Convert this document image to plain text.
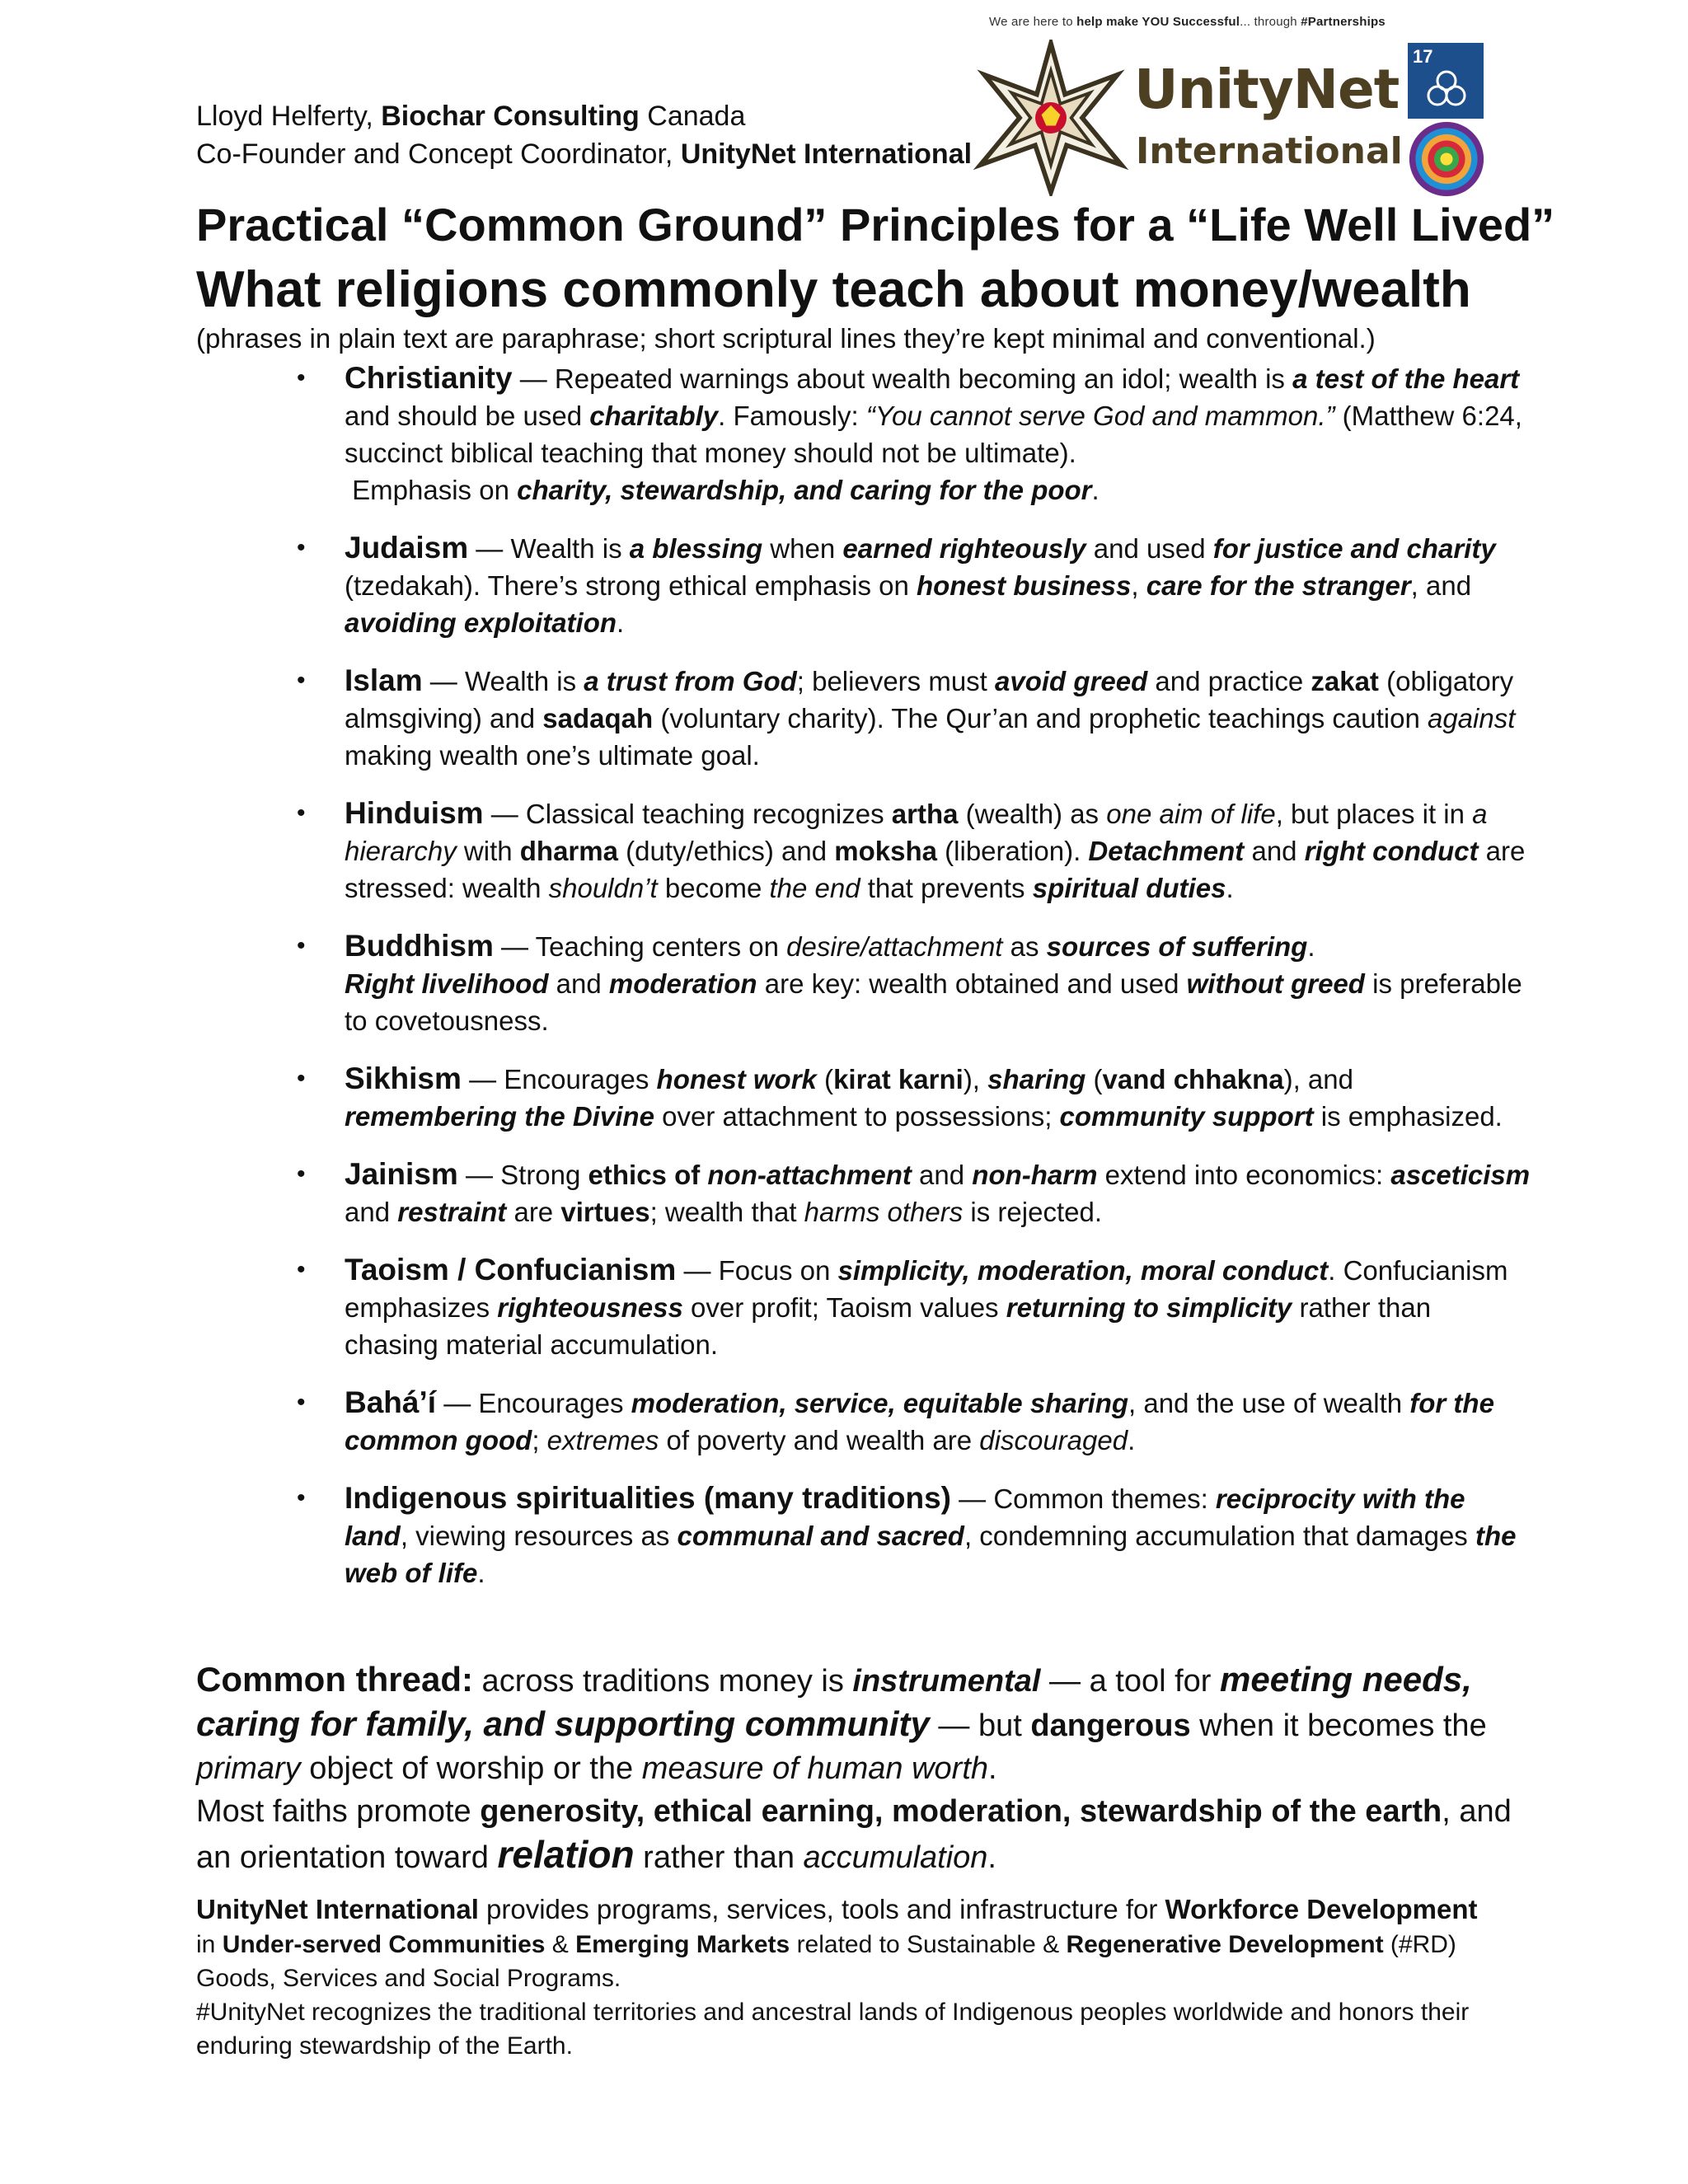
Lloyd Helferty, Biochar Consulting Canada
Co-Founder and Concept Coordinator, UnityNet International
We are here to help make YOU Successful... through #Partnerships
UnityNet
International
17
Practical “Common Ground” Principles for a “Life Well Lived”
What religions commonly teach about money/wealth
(phrases in plain text are paraphrase; short scriptural lines they’re kept minimal and conventional.)
• Christianity — Repeated warnings about wealth becoming an idol; wealth is a test of the heart and should be used charitably. Famously: “You cannot serve God and mammon.” (Matthew 6:24, succinct biblical teaching that money should not be ultimate).
Emphasis on charity, stewardship, and caring for the poor.
• Judaism — Wealth is a blessing when earned righteously and used for justice and charity (tzedakah). There’s strong ethical emphasis on honest business, care for the stranger, and avoiding exploitation.
• Islam — Wealth is a trust from God; believers must avoid greed and practice zakat (obligatory almsgiving) and sadaqah (voluntary charity). The Qur’an and prophetic teachings caution against making wealth one’s ultimate goal.
• Hinduism — Classical teaching recognizes artha (wealth) as one aim of life, but places it in a hierarchy with dharma (duty/ethics) and moksha (liberation). Detachment and right conduct are stressed: wealth shouldn’t become the end that prevents spiritual duties.
• Buddhism — Teaching centers on desire/attachment as sources of suffering.
Right livelihood and moderation are key: wealth obtained and used without greed is preferable to covetousness.
• Sikhism — Encourages honest work (kirat karni), sharing (vand chhakna), and remembering the Divine over attachment to possessions; community support is emphasized.
• Jainism — Strong ethics of non-attachment and non-harm extend into economics: asceticism and restraint are virtues; wealth that harms others is rejected.
• Taoism / Confucianism — Focus on simplicity, moderation, moral conduct. Confucianism emphasizes righteousness over profit; Taoism values returning to simplicity rather than chasing material accumulation.
• Bahá’í — Encourages moderation, service, equitable sharing, and the use of wealth for the common good; extremes of poverty and wealth are discouraged.
• Indigenous spiritualities (many traditions) — Common themes: reciprocity with the land, viewing resources as communal and sacred, condemning accumulation that damages the web of life.
Common thread: across traditions money is instrumental — a tool for meeting needs, caring for family, and supporting community — but dangerous when it becomes the primary object of worship or the measure of human worth.
Most faiths promote generosity, ethical earning, moderation, stewardship of the earth, and an orientation toward relation rather than accumulation.
UnityNet International provides programs, services, tools and infrastructure for Workforce Development
in Under-served Communities & Emerging Markets related to Sustainable & Regenerative Development (#RD)
Goods, Services and Social Programs.
#UnityNet recognizes the traditional territories and ancestral lands of Indigenous peoples worldwide and honors their enduring stewardship of the Earth.
